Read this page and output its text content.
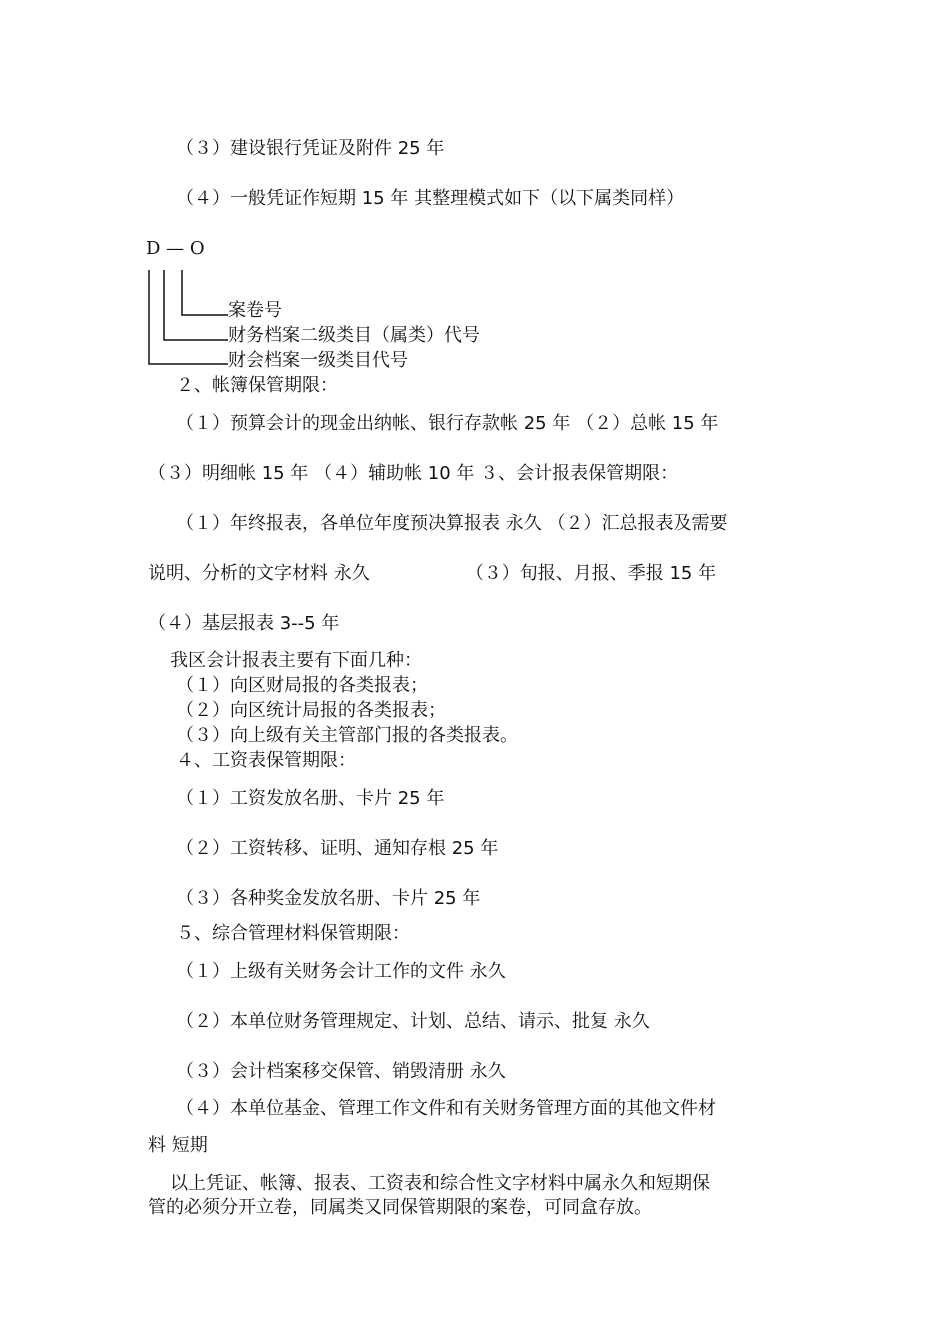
（３）建设银行凭证及附件 25 年
（４）一般凭证作短期 15 年 其整理模式如下（以下属类同样）
D — O
案卷号
财务档案二级类目（属类）代号
财会档案一级类目代号
２、帐簿保管期限：
（１）预算会计的现金出纳帐、银行存款帐 25 年 （２）总帐 15 年
（３）明细帐 15 年 （４）辅助帐 10 年 ３、会计报表保管期限：
（１）年终报表，各单位年度预决算报表 永久 （２）汇总报表及需要
说明、分析的文字材料 永久	（３）旬报、月报、季报 15 年
（４）基层报表 3--5 年
我区会计报表主要有下面几种：
（１）向区财局报的各类报表；
（２）向区统计局报的各类报表；
（３）向上级有关主管部门报的各类报表。
４、工资表保管期限：
（１）工资发放名册、卡片 25 年
（２）工资转移、证明、通知存根 25 年
（３）各种奖金发放名册、卡片 25 年
５、综合管理材料保管期限：
（１）上级有关财务会计工作的文件 永久
（２）本单位财务管理规定、计划、总结、请示、批复 永久
（３）会计档案移交保管、销毁清册 永久
（４）本单位基金、管理工作文件和有关财务管理方面的其他文件材
料 短期
以上凭证、帐簿、报表、工资表和综合性文字材料中属永久和短期保
管的必须分开立卷，同属类又同保管期限的案卷，可同盒存放。
